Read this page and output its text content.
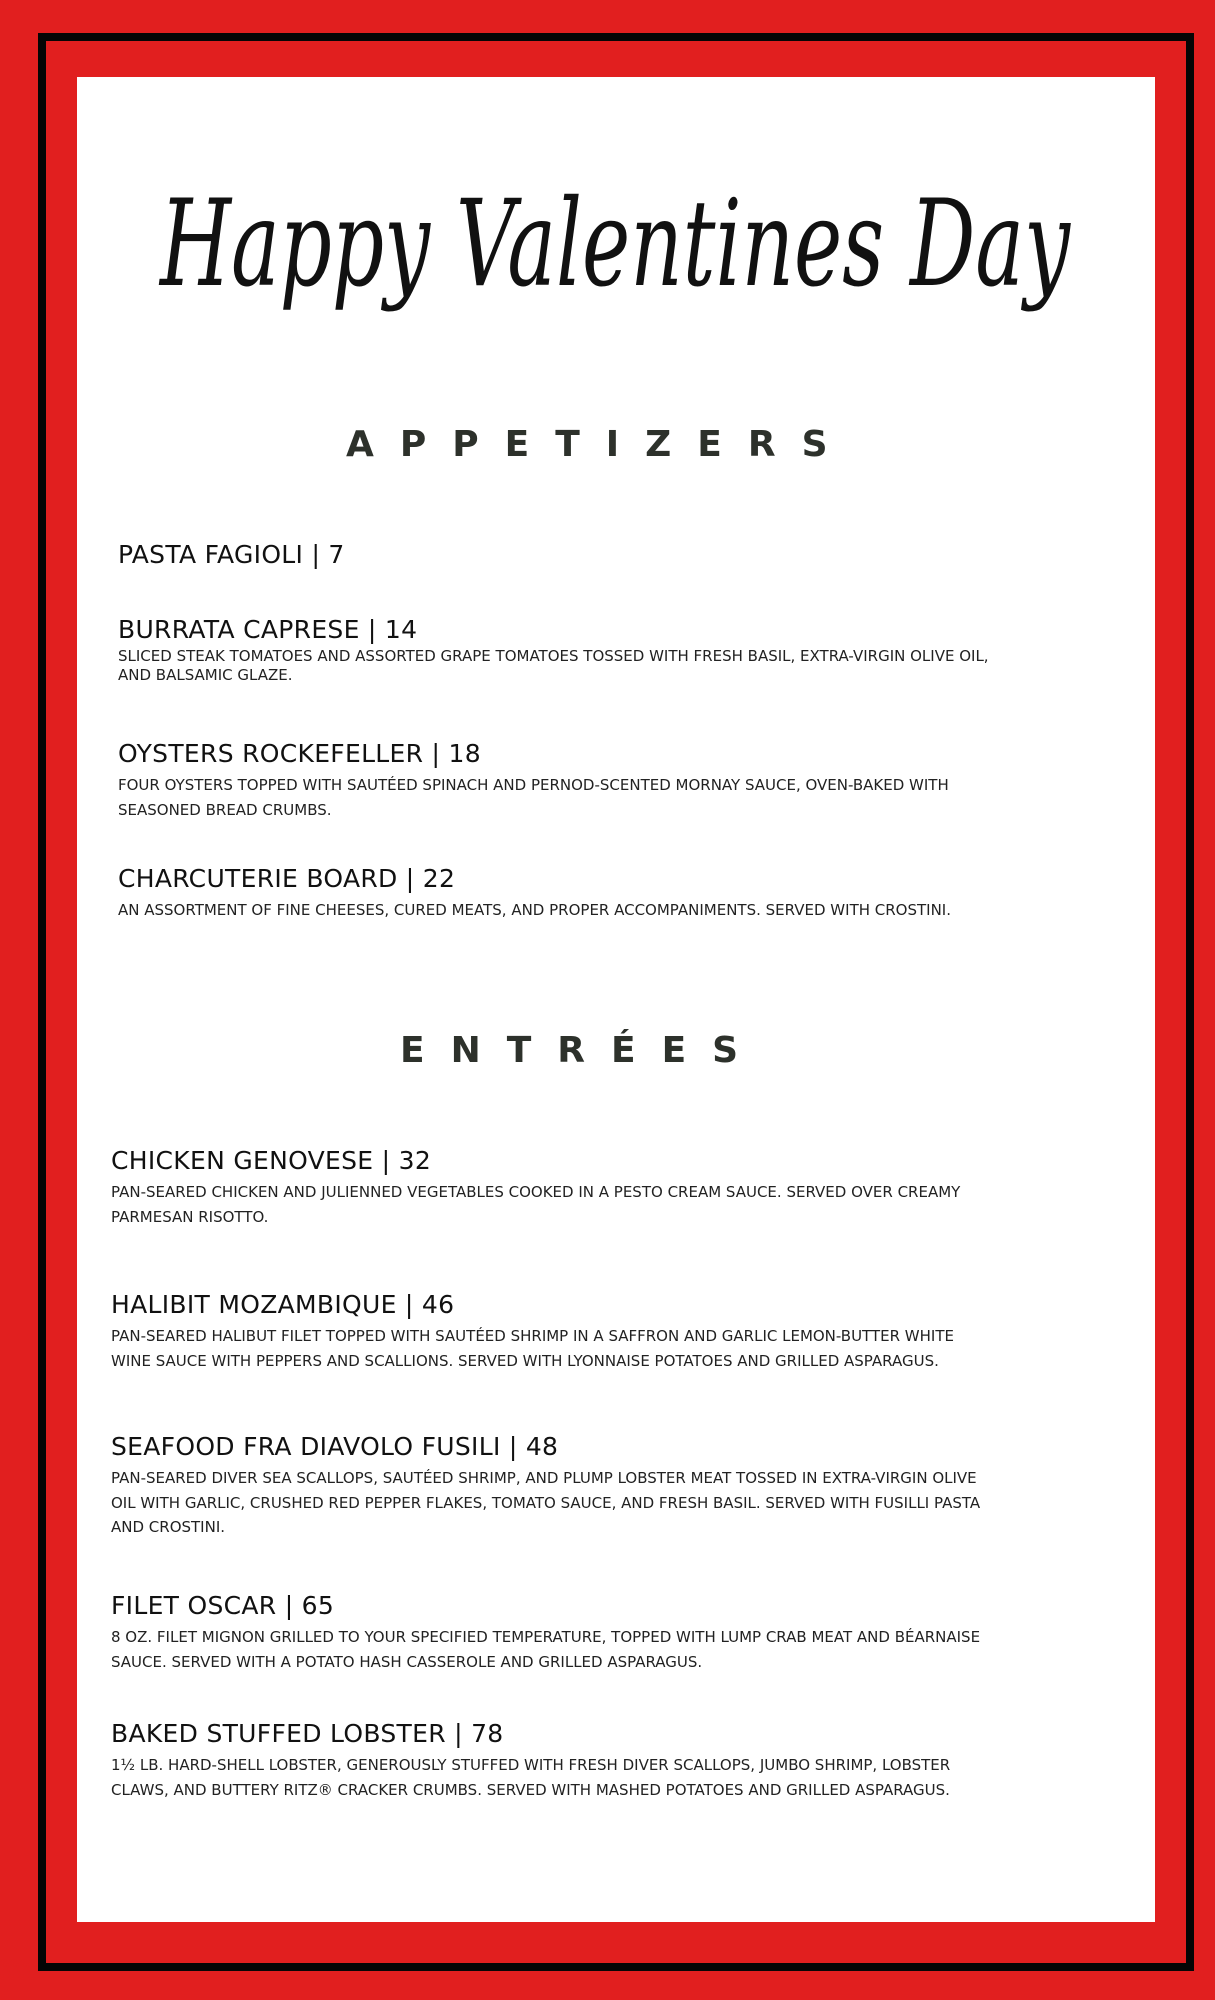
Happy Valentines Day
APPETIZERS
PASTA FAGIOLI | 7
BURRATA CAPRESE | 14
SLICED STEAK TOMATOES AND ASSORTED GRAPE TOMATOES TOSSED WITH FRESH BASIL, EXTRA-VIRGIN OLIVE OIL, AND BALSAMIC GLAZE.
OYSTERS ROCKEFELLER | 18
FOUR OYSTERS TOPPED WITH SAUTÉED SPINACH AND PERNOD-SCENTED MORNAY SAUCE, OVEN-BAKED WITH SEASONED BREAD CRUMBS.
CHARCUTERIE BOARD | 22
AN ASSORTMENT OF FINE CHEESES, CURED MEATS, AND PROPER ACCOMPANIMENTS. SERVED WITH CROSTINI.
ENTRÉES
CHICKEN GENOVESE | 32
PAN-SEARED CHICKEN AND JULIENNED VEGETABLES COOKED IN A PESTO CREAM SAUCE. SERVED OVER CREAMY PARMESAN RISOTTO.
HALIBIT MOZAMBIQUE | 46
PAN-SEARED HALIBUT FILET TOPPED WITH SAUTÉED SHRIMP IN A SAFFRON AND GARLIC LEMON-BUTTER WHITE WINE SAUCE WITH PEPPERS AND SCALLIONS. SERVED WITH LYONNAISE POTATOES AND GRILLED ASPARAGUS.
SEAFOOD FRA DIAVOLO FUSILI | 48
PAN-SEARED DIVER SEA SCALLOPS, SAUTÉED SHRIMP, AND PLUMP LOBSTER MEAT TOSSED IN EXTRA-VIRGIN OLIVE OIL WITH GARLIC, CRUSHED RED PEPPER FLAKES, TOMATO SAUCE, AND FRESH BASIL. SERVED WITH FUSILLI PASTA AND CROSTINI.
FILET OSCAR | 65
8 OZ. FILET MIGNON GRILLED TO YOUR SPECIFIED TEMPERATURE, TOPPED WITH LUMP CRAB MEAT AND BÉARNAISE SAUCE. SERVED WITH A POTATO HASH CASSEROLE AND GRILLED ASPARAGUS.
BAKED STUFFED LOBSTER | 78
1½ LB. HARD-SHELL LOBSTER, GENEROUSLY STUFFED WITH FRESH DIVER SCALLOPS, JUMBO SHRIMP, LOBSTER CLAWS, AND BUTTERY RITZ® CRACKER CRUMBS. SERVED WITH MASHED POTATOES AND GRILLED ASPARAGUS.
